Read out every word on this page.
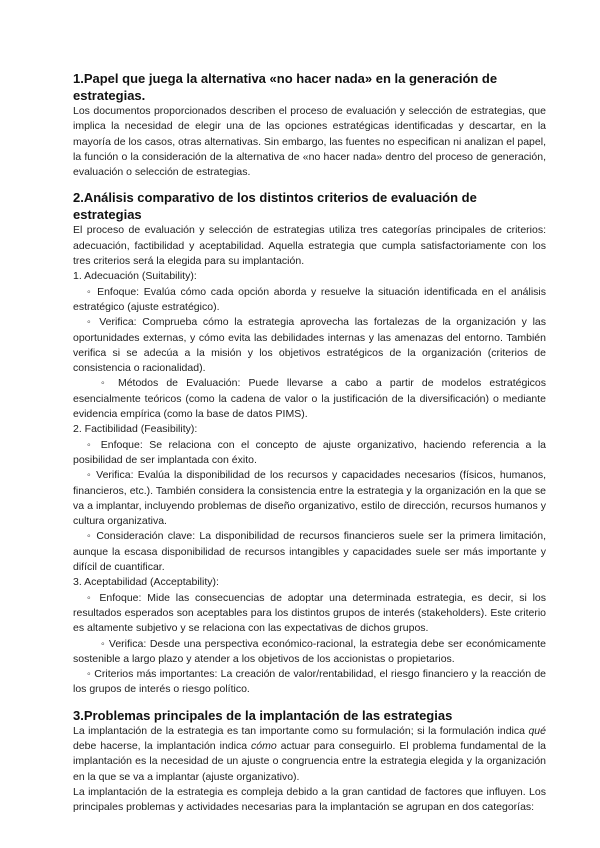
1.Papel que juega la alternativa «no hacer nada» en la generación de estrategias.

Los documentos proporcionados describen el proceso de evaluación y selección de estrategias, que implica la necesidad de elegir una de las opciones estratégicas identificadas y descartar, en la mayoría de los casos, otras alternativas. Sin embargo, las fuentes no especifican ni analizan el papel, la función o la consideración de la alternativa de «no hacer nada» dentro del proceso de generación, evaluación o selección de estrategias.

2.Análisis comparativo de los distintos criterios de evaluación de estrategias

El proceso de evaluación y selección de estrategias utiliza tres categorías principales de criterios: adecuación, factibilidad y aceptabilidad. Aquella estrategia que cumpla satisfactoriamente con los tres criterios será la elegida para su implantación.

1. Adecuación (Suitability):

◦ Enfoque: Evalúa cómo cada opción aborda y resuelve la situación identificada en el análisis estratégico (ajuste estratégico).

◦ Verifica: Comprueba cómo la estrategia aprovecha las fortalezas de la organización y las oportunidades externas, y cómo evita las debilidades internas y las amenazas del entorno. También verifica si se adecúa a la misión y los objetivos estratégicos de la organización (criterios de consistencia o racionalidad).

◦ Métodos de Evaluación: Puede llevarse a cabo a partir de modelos estratégicos esencialmente teóricos (como la cadena de valor o la justificación de la diversificación) o mediante evidencia empírica (como la base de datos PIMS).

2. Factibilidad (Feasibility):

◦ Enfoque: Se relaciona con el concepto de ajuste organizativo, haciendo referencia a la posibilidad de ser implantada con éxito.

◦ Verifica: Evalúa la disponibilidad de los recursos y capacidades necesarios (físicos, humanos, financieros, etc.). También considera la consistencia entre la estrategia y la organización en la que se va a implantar, incluyendo problemas de diseño organizativo, estilo de dirección, recursos humanos y cultura organizativa.

◦ Consideración clave: La disponibilidad de recursos financieros suele ser la primera limitación, aunque la escasa disponibilidad de recursos intangibles y capacidades suele ser más importante y difícil de cuantificar.

3. Aceptabilidad (Acceptability):

◦ Enfoque: Mide las consecuencias de adoptar una determinada estrategia, es decir, si los resultados esperados son aceptables para los distintos grupos de interés (stakeholders). Este criterio es altamente subjetivo y se relaciona con las expectativas de dichos grupos.

◦ Verifica: Desde una perspectiva económico-racional, la estrategia debe ser económicamente sostenible a largo plazo y atender a los objetivos de los accionistas o propietarios.

◦ Criterios más importantes: La creación de valor/rentabilidad, el riesgo financiero y la reacción de los grupos de interés o riesgo político.

3.Problemas principales de la implantación de las estrategias

La implantación de la estrategia es tan importante como su formulación; si la formulación indica qué debe hacerse, la implantación indica cómo actuar para conseguirlo. El problema fundamental de la implantación es la necesidad de un ajuste o congruencia entre la estrategia elegida y la organización en la que se va a implantar (ajuste organizativo).

La implantación de la estrategia es compleja debido a la gran cantidad de factores que influyen. Los principales problemas y actividades necesarias para la implantación se agrupan en dos categorías:
